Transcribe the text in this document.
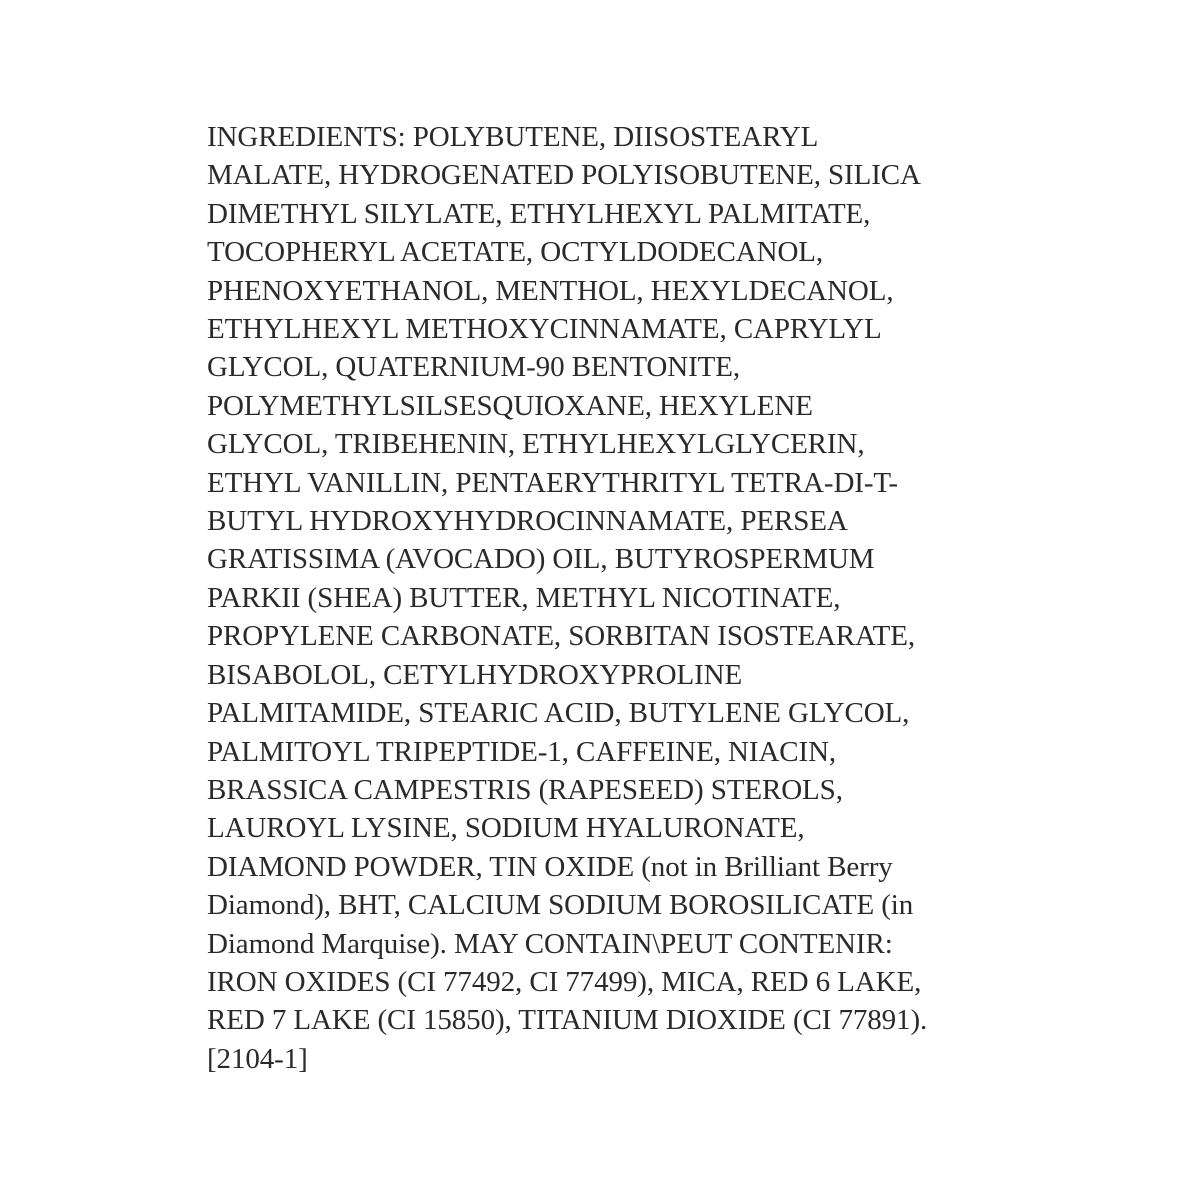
INGREDIENTS: POLYBUTENE, DIISOSTEARYL
MALATE, HYDROGENATED POLYISOBUTENE, SILICA
DIMETHYL SILYLATE, ETHYLHEXYL PALMITATE,
TOCOPHERYL ACETATE, OCTYLDODECANOL,
PHENOXYETHANOL, MENTHOL, HEXYLDECANOL,
ETHYLHEXYL METHOXYCINNAMATE, CAPRYLYL
GLYCOL, QUATERNIUM-90 BENTONITE,
POLYMETHYLSILSESQUIOXANE, HEXYLENE
GLYCOL, TRIBEHENIN, ETHYLHEXYLGLYCERIN,
ETHYL VANILLIN, PENTAERYTHRITYL TETRA-DI-T-
BUTYL HYDROXYHYDROCINNAMATE, PERSEA
GRATISSIMA (AVOCADO) OIL, BUTYROSPERMUM
PARKII (SHEA) BUTTER, METHYL NICOTINATE,
PROPYLENE CARBONATE, SORBITAN ISOSTEARATE,
BISABOLOL, CETYLHYDROXYPROLINE
PALMITAMIDE, STEARIC ACID, BUTYLENE GLYCOL,
PALMITOYL TRIPEPTIDE-1, CAFFEINE, NIACIN,
BRASSICA CAMPESTRIS (RAPESEED) STEROLS,
LAUROYL LYSINE, SODIUM HYALURONATE,
DIAMOND POWDER, TIN OXIDE (not in Brilliant Berry
Diamond), BHT, CALCIUM SODIUM BOROSILICATE (in
Diamond Marquise). MAY CONTAIN\PEUT CONTENIR:
IRON OXIDES (CI 77492, CI 77499), MICA, RED 6 LAKE,
RED 7 LAKE (CI 15850), TITANIUM DIOXIDE (CI 77891).
[2104-1]
